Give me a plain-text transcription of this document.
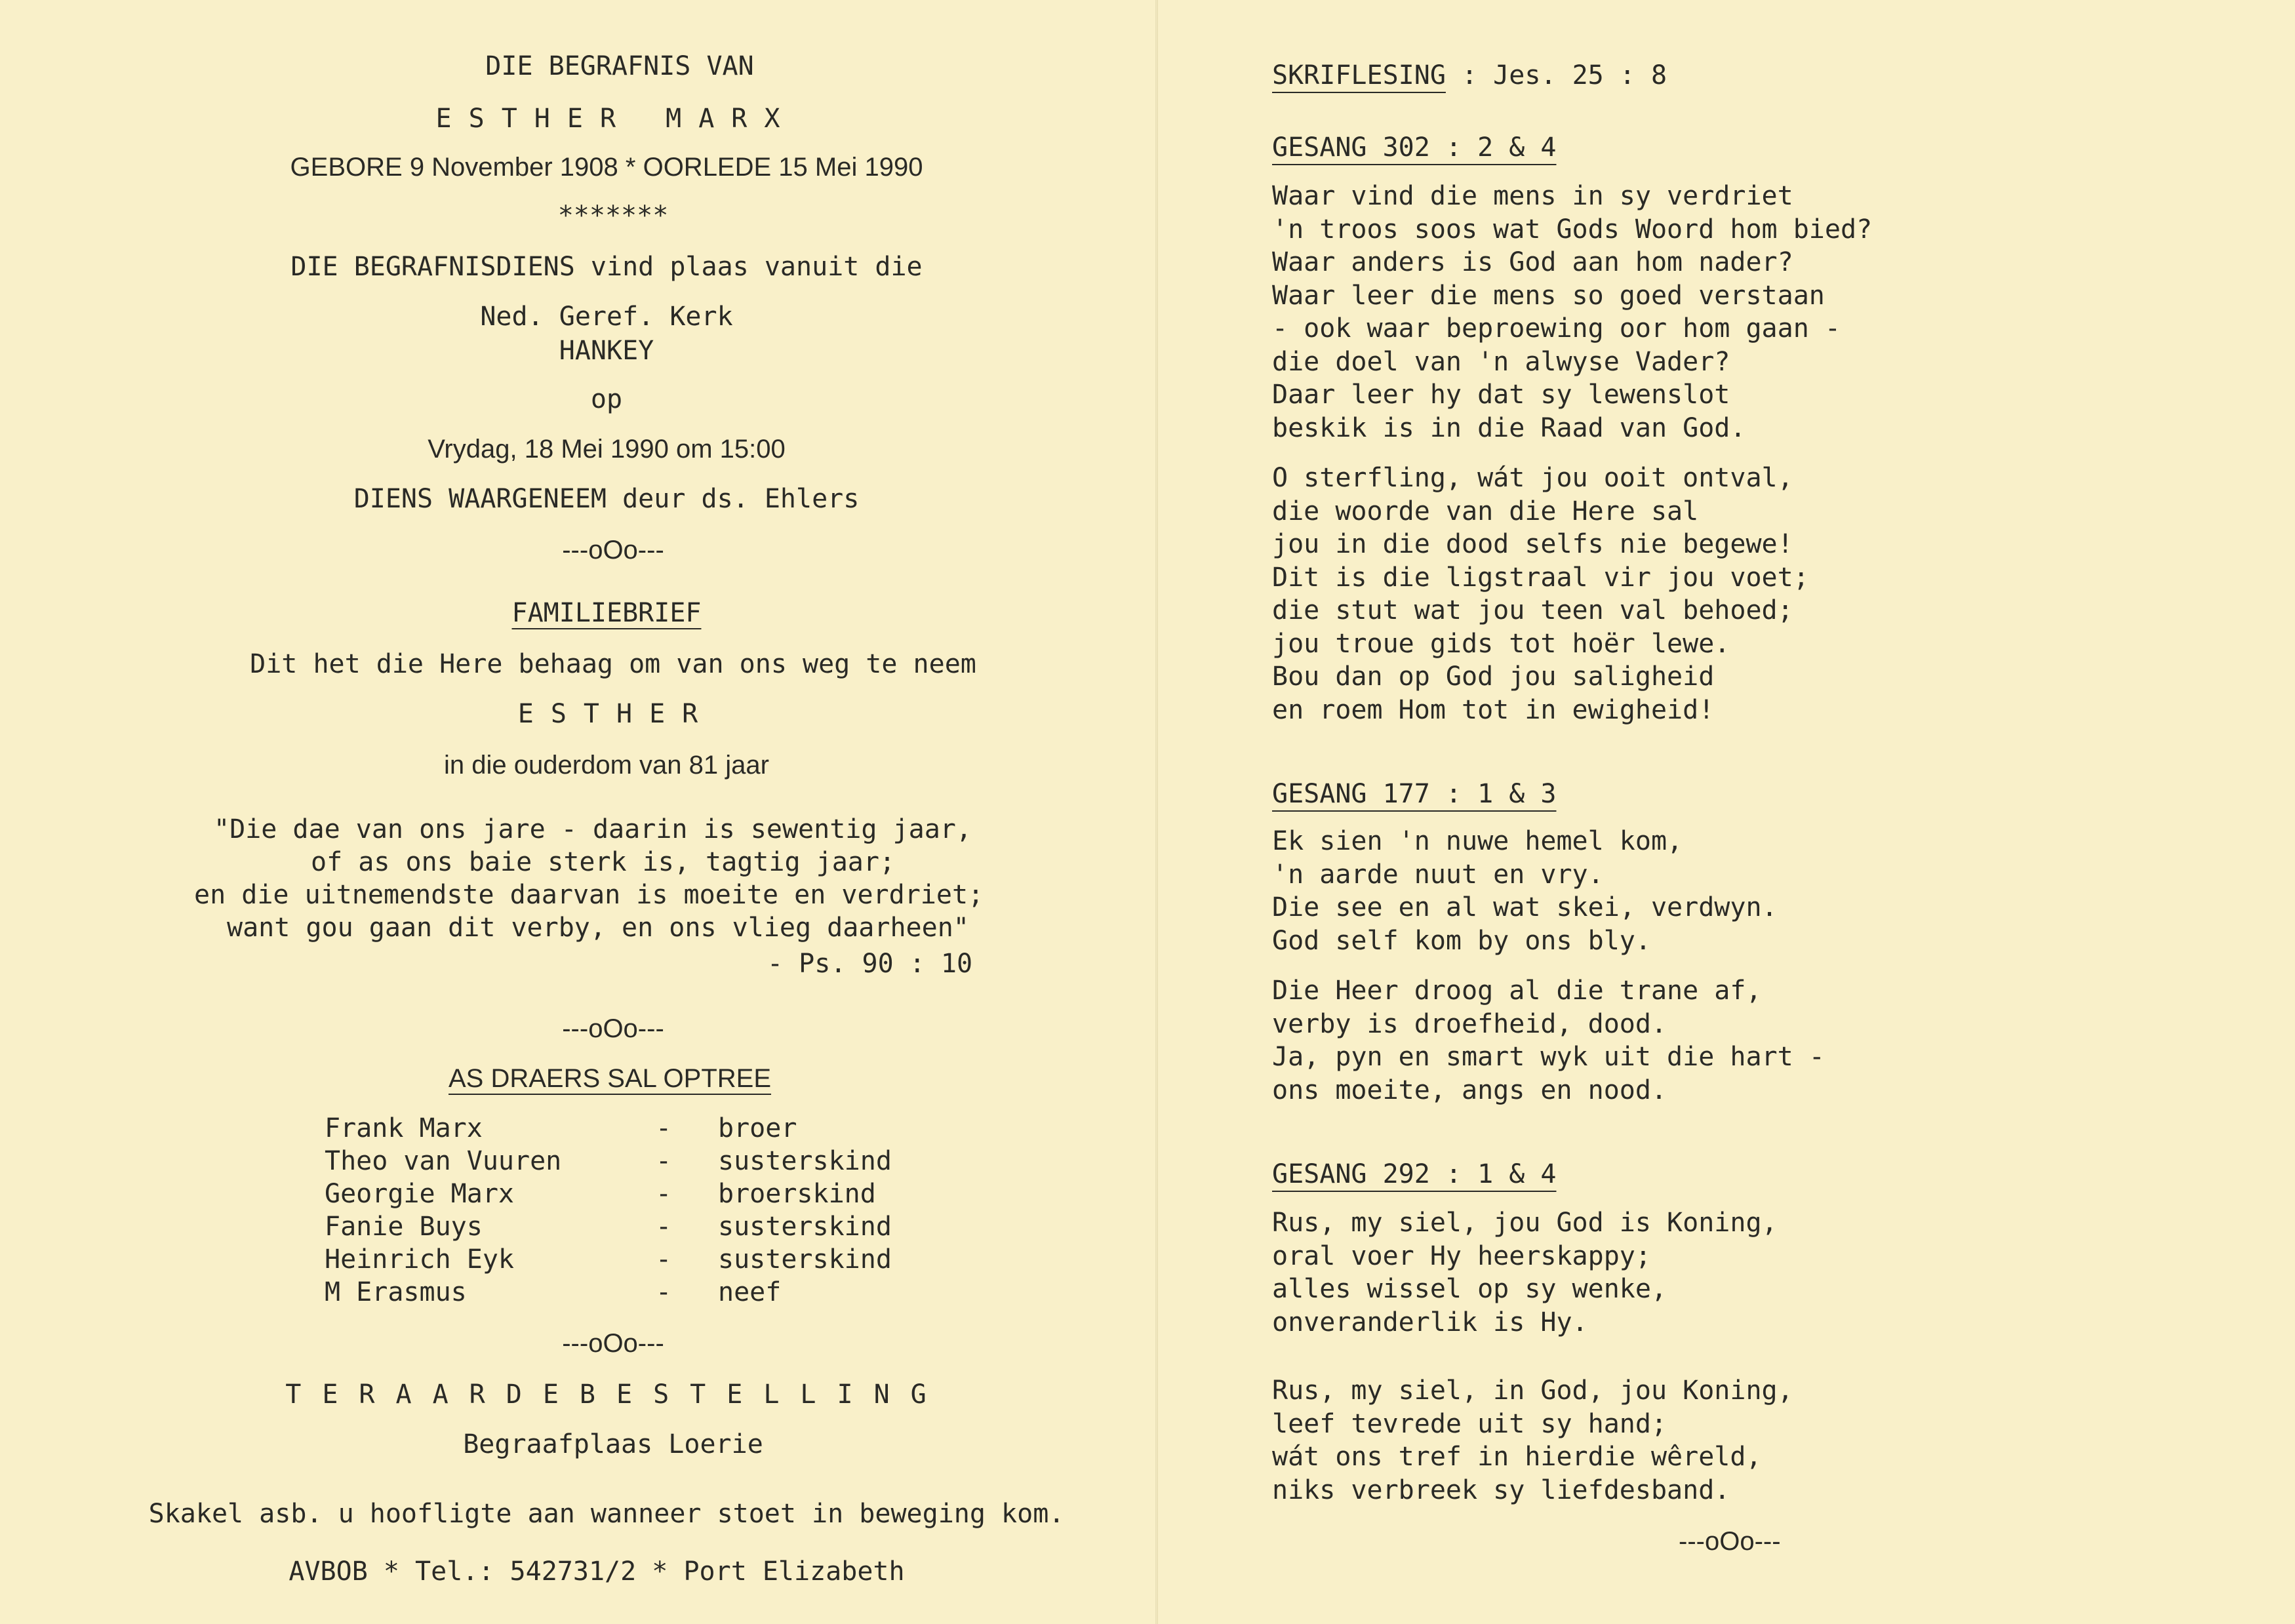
DIE BEGRAFNIS VAN
ESTHER MARX
GEBORE 9 November 1908 * OORLEDE 15 Mei 1990
*******
DIE BEGRAFNISDIENS vind plaas vanuit die
Ned. Geref. Kerk
HANKEY
op
Vrydag, 18 Mei 1990 om 15:00
DIENS WAARGENEEM deur ds. Ehlers
---oOo---
FAMILIEBRIEF
Dit het die Here behaag om van ons weg te neem
ESTHER
in die ouderdom van 81 jaar
"Die dae van ons jare - daarin is sewentig jaar,
of as ons baie sterk is, tagtig jaar;
en die uitnemendste daarvan is moeite en verdriet;
want gou gaan dit verby, en ons vlieg daarheen"
- Ps. 90 : 10
---oOo---
AS DRAERS SAL OPTREE
Frank Marx	- broer
Theo van Vuuren	- susterskind
Georgie Marx	- broerskind
Fanie Buys	- susterskind
Heinrich Eyk	- susterskind
M Erasmus	- neef
---oOo---
TERAARDEBESTELLING
Begraafplaas Loerie
Skakel asb. u hoofligte aan wanneer stoet in beweging kom.
AVBOB * Tel.: 542731/2 * Port Elizabeth
SKRIFLESING : Jes. 25 : 8
GESANG 302 : 2 & 4
Waar vind die mens in sy verdriet
'n troos soos wat Gods Woord hom bied?
Waar anders is God aan hom nader?
Waar leer die mens so goed verstaan
- ook waar beproewing oor hom gaan -
die doel van 'n alwyse Vader?
Daar leer hy dat sy lewenslot
beskik is in die Raad van God.
O sterfling, wát jou ooit ontval,
die woorde van die Here sal
jou in die dood selfs nie begewe!
Dit is die ligstraal vir jou voet;
die stut wat jou teen val behoed;
jou troue gids tot hoër lewe.
Bou dan op God jou saligheid
en roem Hom tot in ewigheid!
GESANG 177 : 1 & 3
Ek sien 'n nuwe hemel kom,
'n aarde nuut en vry.
Die see en al wat skei, verdwyn.
God self kom by ons bly.
Die Heer droog al die trane af,
verby is droefheid, dood.
Ja, pyn en smart wyk uit die hart -
ons moeite, angs en nood.
GESANG 292 : 1 & 4
Rus, my siel, jou God is Koning,
oral voer Hy heerskappy;
alles wissel op sy wenke,
onveranderlik is Hy.
Rus, my siel, in God, jou Koning,
leef tevrede uit sy hand;
wát ons tref in hierdie wêreld,
niks verbreek sy liefdesband.
---oOo---
